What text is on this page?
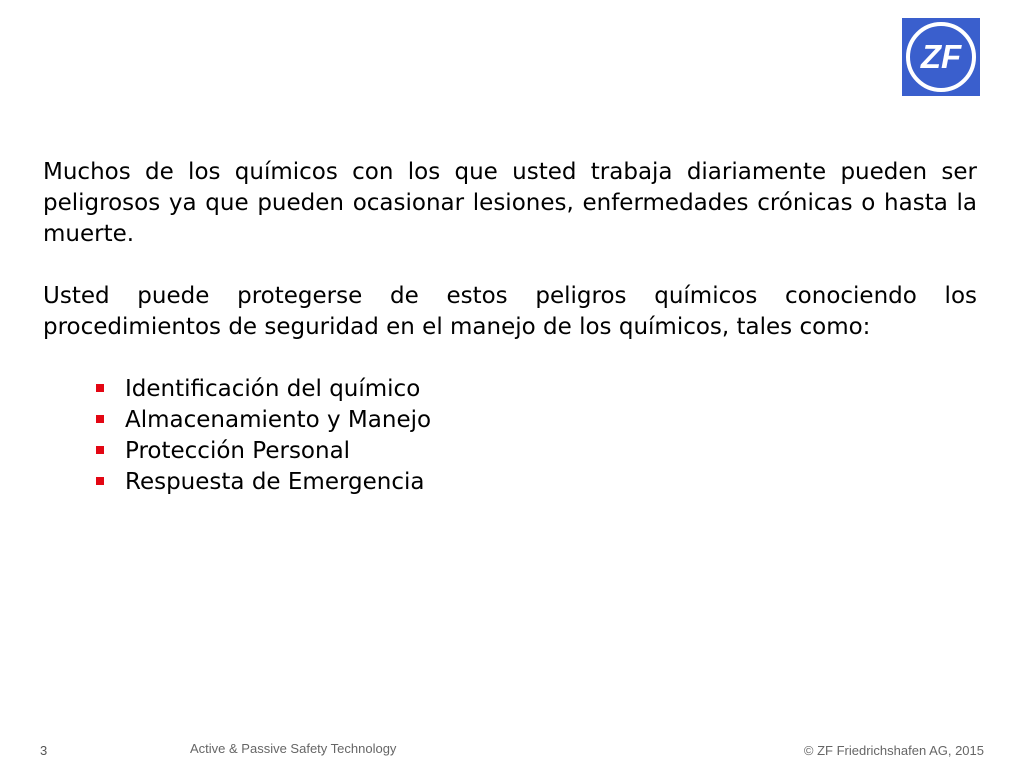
ZF

Muchos de los químicos con los que usted trabaja diariamente pueden ser peligrosos ya que pueden ocasionar lesiones, enfermedades crónicas o hasta la muerte.

Usted puede protegerse de estos peligros químicos conociendo los procedimientos de seguridad en el manejo de los químicos, tales como:

Identificación del químico
Almacenamiento y Manejo
Protección Personal
Respuesta de Emergencia
3	Active & Passive Safety Technology	© ZF Friedrichshafen AG, 2015
